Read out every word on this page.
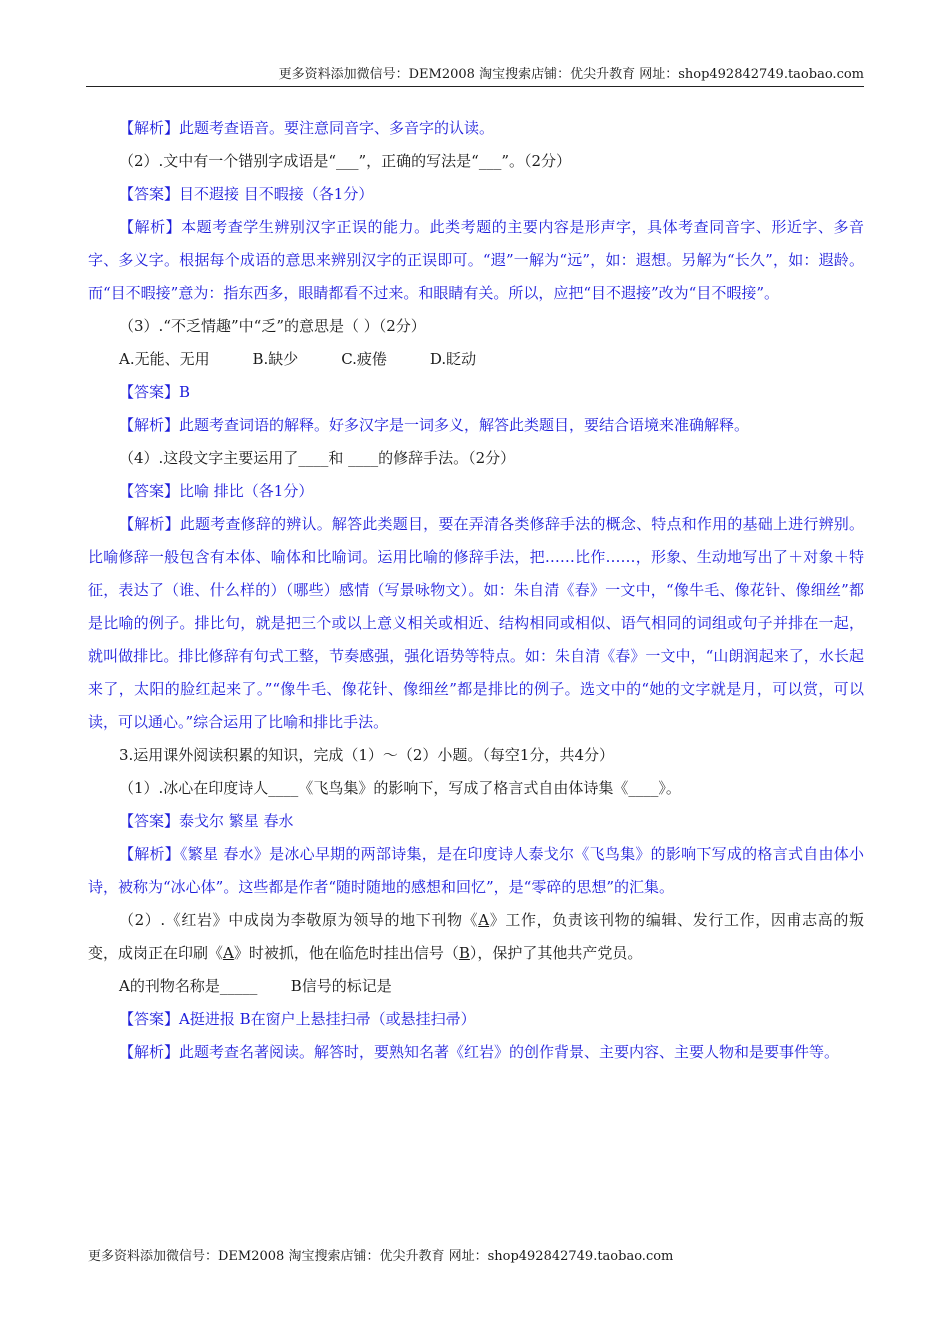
更多资料添加微信号：DEM2008 淘宝搜索店铺：优尖升教育 网址：shop492842749.taobao.com

【解析】此题考查语音。要注意同音字、多音字的认读。

（2）.文中有一个错别字成语是“___”，正确的写法是“___”。（2分）

【答案】目不遐接 目不暇接（各1分）

【解析】本题考查学生辨别汉字正误的能力。此类考题的主要内容是形声字，具体考查同音字、形近字、多音字、多义字。根据每个成语的意思来辨别汉字的正误即可。“遐”一解为“远”，如：遐想。另解为“长久”，如：遐龄。而“目不暇接”意为：指东西多，眼睛都看不过来。和眼睛有关。所以，应把“目不遐接”改为“目不暇接”。

（3）.“不乏情趣”中“乏”的意思是（ ）（2分）

A.无能、无用         B.缺少         C.疲倦         D.眨动

【答案】B

【解析】此题考查词语的解释。好多汉字是一词多义，解答此类题目，要结合语境来准确解释。

（4）.这段文字主要运用了____和 ____的修辞手法。（2分）

【答案】比喻 排比（各1分）

【解析】此题考查修辞的辨认。解答此类题目，要在弄清各类修辞手法的概念、特点和作用的基础上进行辨别。比喻修辞一般包含有本体、喻体和比喻词。运用比喻的修辞手法，把……比作……，形象、生动地写出了＋对象＋特征，表达了（谁、什么样的）（哪些）感情（写景咏物文）。如：朱自清《春》一文中，“像牛毛、像花针、像细丝”都是比喻的例子。排比句，就是把三个或以上意义相关或相近、结构相同或相似、语气相同的词组或句子并排在一起，就叫做排比。排比修辞有句式工整，节奏感强，强化语势等特点。如：朱自清《春》一文中，“山朗润起来了，水长起来了，太阳的脸红起来了。”“像牛毛、像花针、像细丝”都是排比的例子。选文中的“她的文字就是月，可以赏，可以读，可以通心。”综合运用了比喻和排比手法。

3.运用课外阅读积累的知识，完成（1）～（2）小题。（每空1分，共4分）

（1）.冰心在印度诗人____《飞鸟集》的影响下，写成了格言式自由体诗集《____》。

【答案】泰戈尔 繁星 春水

【解析】《繁星 春水》是冰心早期的两部诗集，是在印度诗人泰戈尔《飞鸟集》的影响下写成的格言式自由体小诗，被称为“冰心体”。这些都是作者“随时随地的感想和回忆”，是“零碎的思想”的汇集。

（2）.《红岩》中成岗为李敬原为领导的地下刊物《A》工作，负责该刊物的编辑、发行工作，因甫志高的叛变，成岗正在印刷《A》时被抓，他在临危时挂出信号（B），保护了其他共产党员。

A的刊物名称是_____       B信号的标记是

【答案】A挺进报 B在窗户上悬挂扫帚（或悬挂扫帚）

【解析】此题考查名著阅读。解答时，要熟知名著《红岩》的创作背景、主要内容、主要人物和是要事件等。

更多资料添加微信号：DEM2008 淘宝搜索店铺：优尖升教育 网址：shop492842749.taobao.com
